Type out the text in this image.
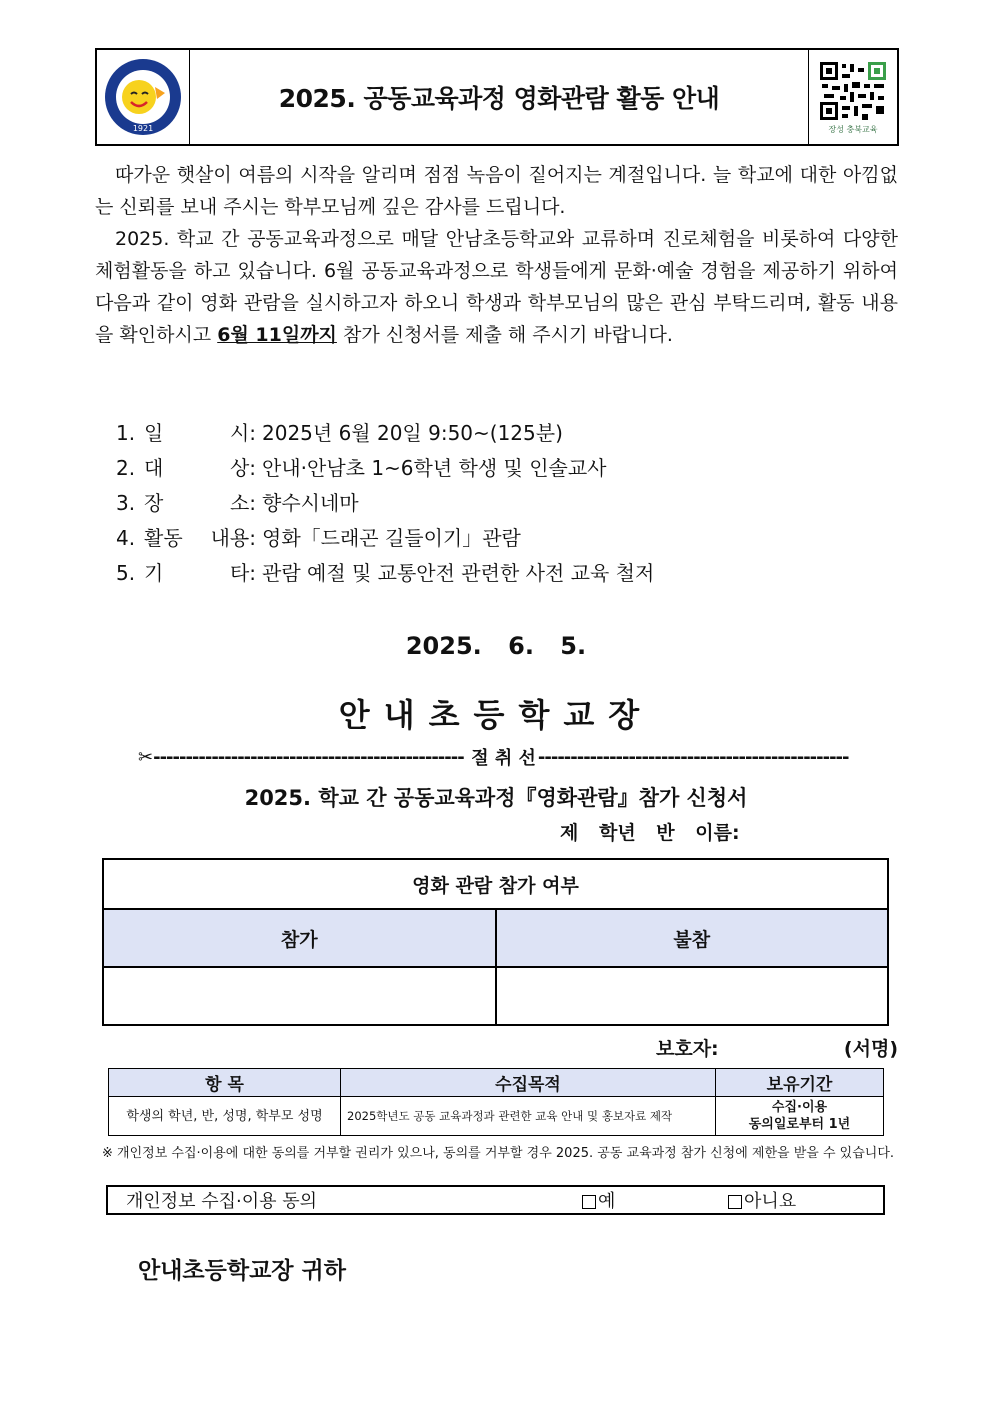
1921
2025. 공동교육과정 영화관람 활동 안내
장성 충북교육
따가운 햇살이 여름의 시작을 알리며 점점 녹음이 짙어지는 계절입니다. 늘 학교에 대한 아낌없는 신뢰를 보내 주시는 학부모님께 깊은 감사를 드립니다.
2025. 학교 간 공동교육과정으로 매달 안남초등학교와 교류하며 진로체험을 비롯하여 다양한 체험활동을 하고 있습니다. 6월 공동교육과정으로 학생들에게 문화·예술 경험을 제공하기 위하여 다음과 같이 영화 관람을 실시하고자 하오니 학생과 학부모님의 많은 관심 부탁드리며, 활동 내용을 확인하시고 6월 11일까지 참가 신청서를 제출 해 주시기 바랍니다.
1. 일	시: 2025년 6월 20일 9:50~(125분)
2. 대	상: 안내·안남초 1~6학년 학생 및 인솔교사
3. 장	소: 향수시네마
4. 활동 내용: 영화「드래곤 길들이기」관람
5. 기	타: 관람 예절 및 교통안전 관련한 사전 교육 철저
2025. 6. 5.
안내초등학교장
✂ ------------------------------------------------ 절 취 선 ------------------------------------------------
2025. 학교 간 공동교육과정『영화관람』참가 신청서
제 학년 반 이름:
영화 관람 참가 여부	
참가	불참

보호자:	(서명)
항 목	수집목적	보유기간
학생의 학년, 반, 성명, 학부모 성명	2025학년도 공동 교육과정과 관련한 교육 안내 및 홍보자료 제작	수집·이용
동의일로부터 1년
※ 개인정보 수집·이용에 대한 동의를 거부할 권리가 있으나, 동의를 거부할 경우 2025. 공동 교육과정 참가 신청에 제한을 받을 수 있습니다.
개인정보 수집·이용 동의	예	아니요
안내초등학교장 귀하
